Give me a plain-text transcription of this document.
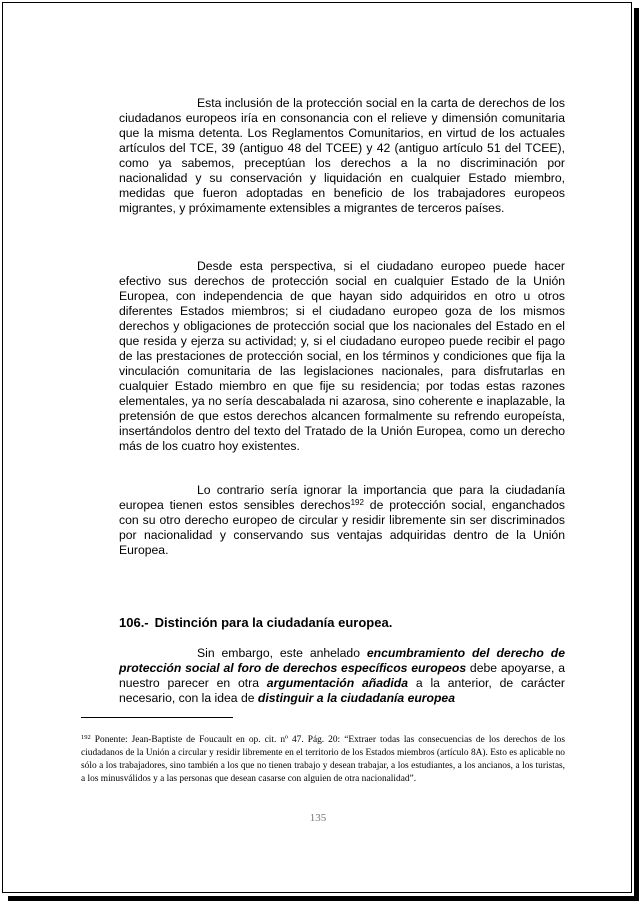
Esta inclusión de la protección social en la carta de derechos de los ciudadanos europeos iría en consonancia con el relieve y dimensión comunitaria que la misma detenta. Los Reglamentos Comunitarios, en virtud de los actuales artículos del TCE, 39 (antiguo 48 del TCEE) y 42 (antiguo artículo 51 del TCEE), como ya sabemos, preceptúan los derechos a la no discriminación por nacionalidad y su conservación y liquidación en cualquier Estado miembro, medidas que fueron adoptadas en beneficio de los trabajadores europeos migrantes, y próximamente extensibles a migrantes de terceros países.

Desde esta perspectiva, si el ciudadano europeo puede hacer efectivo sus derechos de protección social en cualquier Estado de la Unión Europea, con independencia de que hayan sido adquiridos en otro u otros diferentes Estados miembros; si el ciudadano europeo goza de los mismos derechos y obligaciones de protección social que los nacionales del Estado en el que resida y ejerza su actividad; y, si el ciudadano europeo puede recibir el pago de las prestaciones de protección social, en los términos y condiciones que fija la vinculación comunitaria de las legislaciones nacionales, para disfrutarlas en cualquier Estado miembro en que fije su residencia; por todas estas razones elementales, ya no sería descabalada ni azarosa, sino coherente e inaplazable, la pretensión de que estos derechos alcancen formalmente su refrendo europeísta, insertándolos dentro del texto del Tratado de la Unión Europea, como un derecho más de los cuatro hoy existentes.

Lo contrario sería ignorar la importancia que para la ciudadanía europea tienen estos sensibles derechos$^{192}$ de protección social, enganchados con su otro derecho europeo de circular y residir libremente sin ser discriminados por nacionalidad y conservando sus ventajas adquiridas dentro de la Unión Europea.

106.- Distinción para la ciudadanía europea.

Sin embargo, este anhelado encumbramiento del derecho de protección social al foro de derechos específicos europeos debe apoyarse, a nuestro parecer en otra argumentación añadida a la anterior, de carácter necesario, con la idea de distinguir a la ciudadanía europea

$^{192}$ Ponente: Jean-Baptiste de Foucault en op. cit. nº 47. Pág. 20: “Extraer todas las consecuencias de los derechos de los ciudadanos de la Unión a circular y residir libremente en el territorio de los Estados miembros (artículo 8A). Esto es aplicable no sólo a los trabajadores, sino también a los que no tienen trabajo y desean trabajar, a los estudiantes, a los ancianos, a los turistas, a los minusválidos y a las personas que desean casarse con alguien de otra nacionalidad”.

135
